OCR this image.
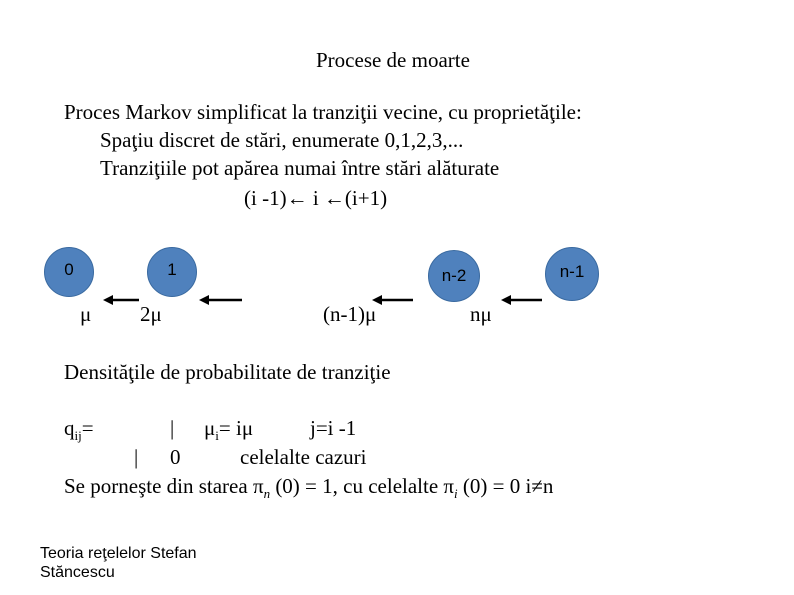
Procese de moarte
Proces Markov simplificat la tranziţii vecine, cu proprietăţile:
Spaţiu discret de stări, enumerate 0,1,2,3,...
Tranziţiile pot apărea numai între stări alăturate
(i -1)← i ←(i+1)
0	1	n-2	n-1
μ 2μ	(n-1)μ	nμ
Densităţile de probabilitate de tranziţie
$q_{ij}=$	| $\mu_i= i\mu$	j=i -1
| 0	celelalte cazuri
Se porneşte din starea $\pi_n$ (0) = 1, cu celelalte $\pi_i$ (0) = 0 i≠n
Teoria reţelelor Stefan
Stăncescu
